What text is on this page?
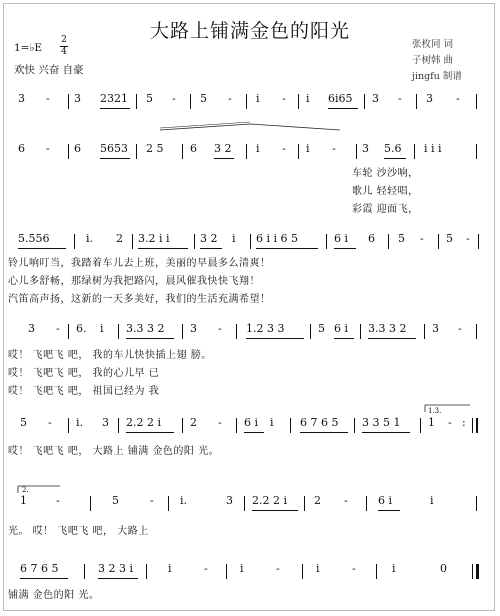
大路上铺满金色的阳光
1=♭E
2
4
欢快 兴奋 自豪
张枚同 词
子树韩 曲
jingfu 制谱
3 - 3 2321 5 - 5 - i - i 6i65 3 - 3 -
6 - 6 5653 2 5 6 3 2 i - i - 3 5.6 i i i
车轮 沙沙响，
歌儿 轻轻唱，
彩霞 迎面飞，
5.556	i. 2 3.2 i i	3 2 i 6 i i 6 5	6 i 6 5 - 5 -
铃儿响叮当，我踏着车儿去上班，美丽的早晨多么清爽！
心儿多舒畅，那绿树为我把路闪，晨风催我快快飞翔！
汽笛高声扬，这新的一天多美好，我们的生活充满希望！
3 - 6. i 3.3 3 2 3 - 1.2 3 3	5 6 i 3.3 3 2 3 -
哎！ 飞吧飞 吧， 我的车儿快快插上翅 膀。
哎！ 飞吧飞 吧， 我的心儿早 已
哎！ 飞吧飞 吧， 祖国已经为 我
1.3.
5 - i. 3 2.2 2 i	2 - 6 i i 6 7 6 5 3 3 5 1	1 - :
哎！ 飞吧飞 吧， 大路上 铺满 金色的阳 光。
2.
1	-	5	- i.	3 2.2 2 i 2 -	6 i	i
光。 哎！ 飞吧飞 吧， 大路上
6 7 6 5	3 2 3 i	i	-	i	-	i	-	i	0
铺满 金色的阳 光。
